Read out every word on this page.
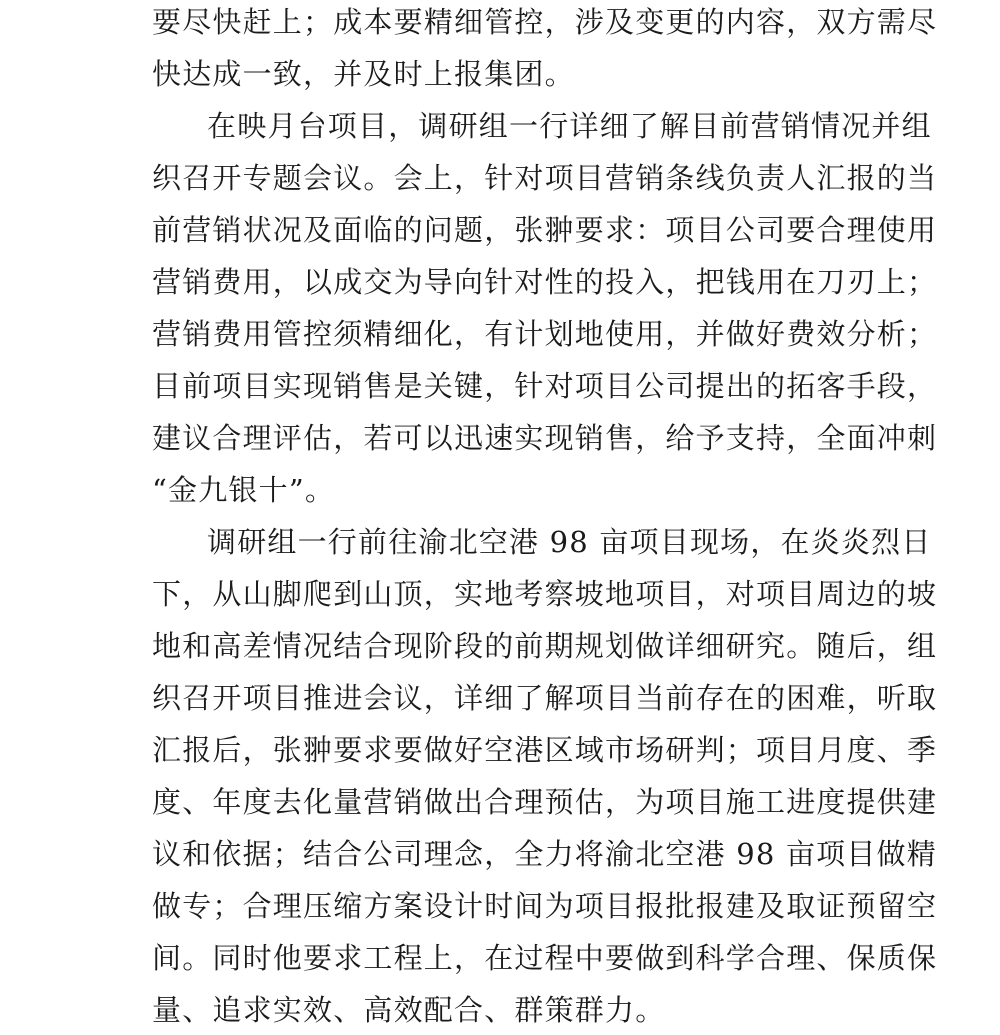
要尽快赶上；成本要精细管控，涉及变更的内容，双方需尽
快达成一致，并及时上报集团。
在映月台项目，调研组一行详细了解目前营销情况并组
织召开专题会议。会上，针对项目营销条线负责人汇报的当
前营销状况及面临的问题，张翀要求：项目公司要合理使用
营销费用，以成交为导向针对性的投入，把钱用在刀刃上；
营销费用管控须精细化，有计划地使用，并做好费效分析；
目前项目实现销售是关键，针对项目公司提出的拓客手段，
建议合理评估，若可以迅速实现销售，给予支持，全面冲刺
“金九银十”。
调研组一行前往渝北空港 98 亩项目现场，在炎炎烈日
下，从山脚爬到山顶，实地考察坡地项目，对项目周边的坡
地和高差情况结合现阶段的前期规划做详细研究。随后，组
织召开项目推进会议，详细了解项目当前存在的困难，听取
汇报后，张翀要求要做好空港区域市场研判；项目月度、季
度、年度去化量营销做出合理预估，为项目施工进度提供建
议和依据；结合公司理念，全力将渝北空港 98 亩项目做精
做专；合理压缩方案设计时间为项目报批报建及取证预留空
间。同时他要求工程上，在过程中要做到科学合理、保质保
量、追求实效、高效配合、群策群力。
